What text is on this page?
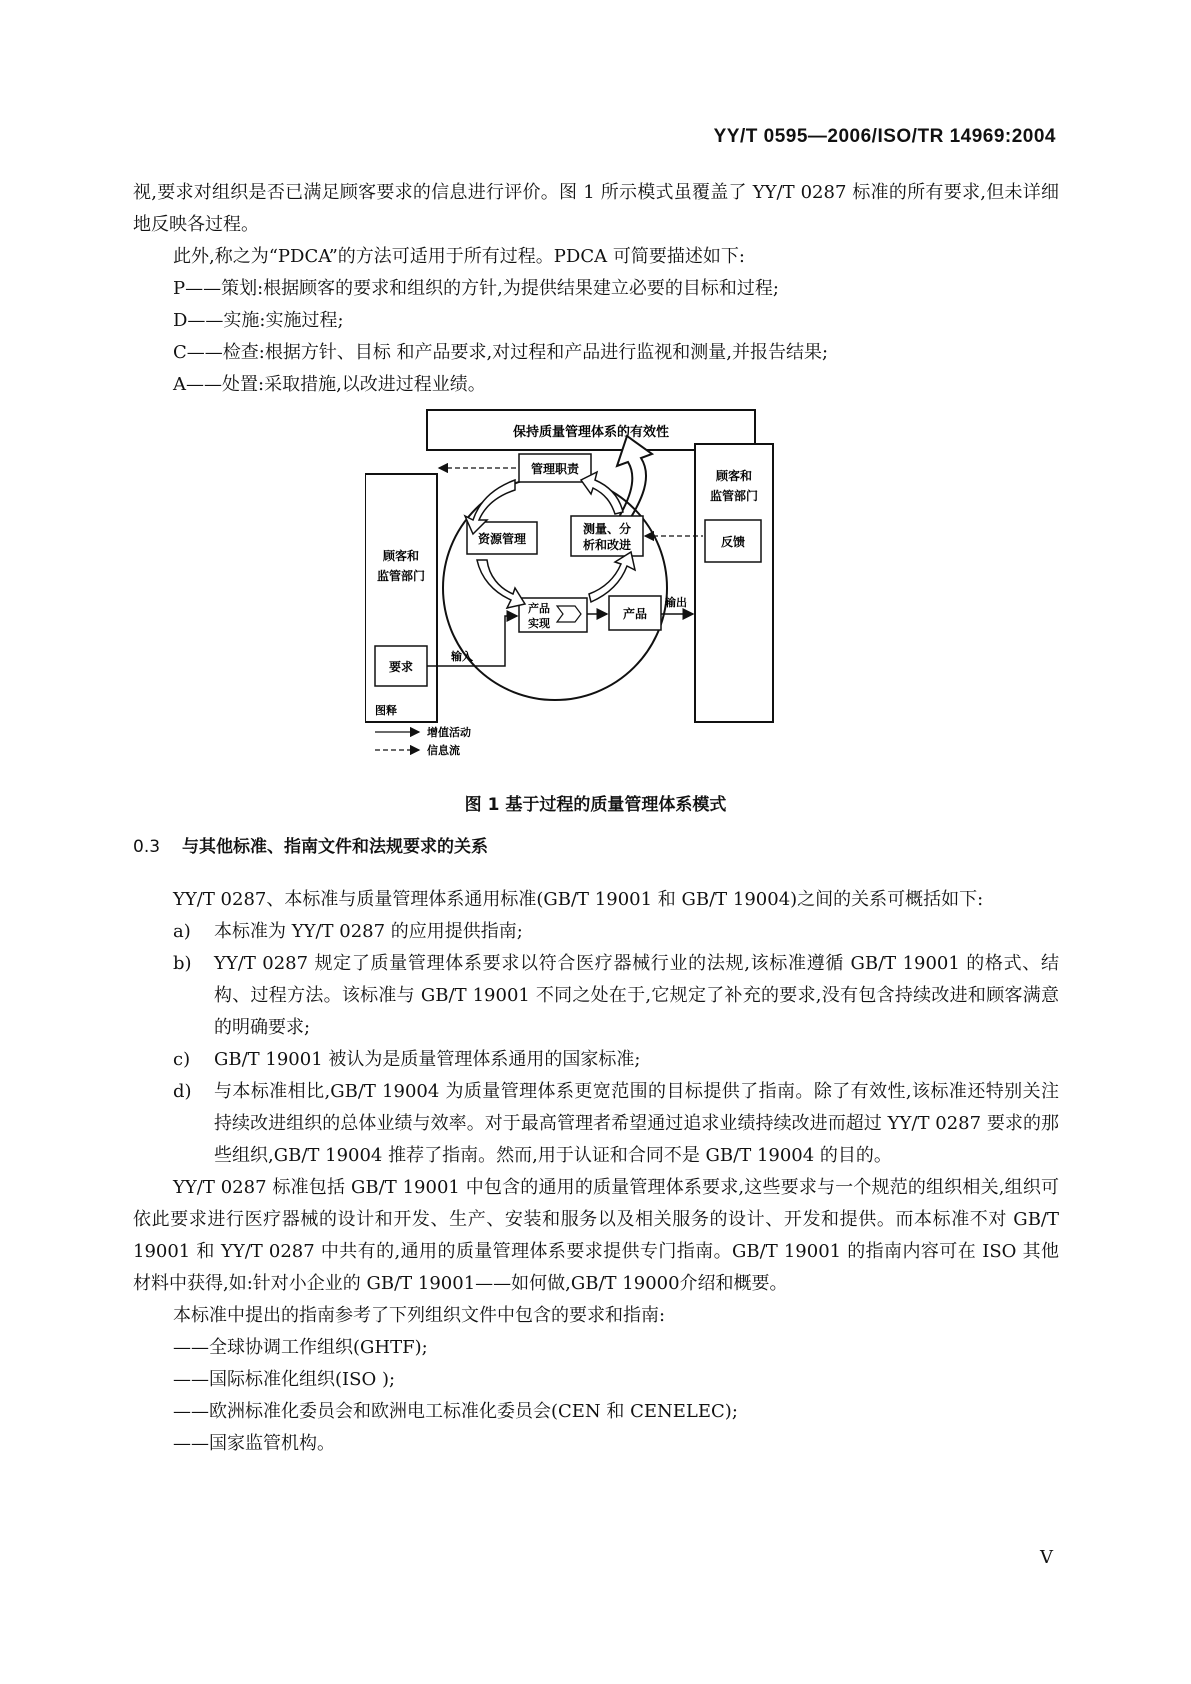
YY/T 0595—2006/ISO/TR 14969:2004

视,要求对组织是否已满足顾客要求的信息进行评价。图 1 所示模式虽覆盖了 YY/T 0287 标准的所有要求,但未详细地反映各过程。

此外,称之为“PDCA”的方法可适用于所有过程。PDCA 可简要描述如下:

P——策划:根据顾客的要求和组织的方针,为提供结果建立必要的目标和过程;

D——实施:实施过程;

C——检查:根据方针、目标 和产品要求,对过程和产品进行监视和测量,并报告结果;

A——处置:采取措施,以改进过程业绩。

保持质量管理体系的有效性
顾客和
监管部门
要求
顾客和
监管部门
反馈
管理职责
资源管理
测量、分
析和改进
产品
实现
产品
输入
输出
图释
增值活动
信息流
图 1 基于过程的质量管理体系模式
0.3 与其他标准、指南文件和法规要求的关系

YY/T 0287、本标准与质量管理体系通用标准(GB/T 19001 和 GB/T 19004)之间的关系可概括如下:

a)	本标准为 YY/T 0287 的应用提供指南;
b)	YY/T 0287 规定了质量管理体系要求以符合医疗器械行业的法规,该标准遵循 GB/T 19001 的格式、结构、过程方法。该标准与 GB/T 19001 不同之处在于,它规定了补充的要求,没有包含持续改进和顾客满意的明确要求;
c)	GB/T 19001 被认为是质量管理体系通用的国家标准;
d)	与本标准相比,GB/T 19004 为质量管理体系更宽范围的目标提供了指南。除了有效性,该标准还特别关注持续改进组织的总体业绩与效率。对于最高管理者希望通过追求业绩持续改进而超过 YY/T 0287 要求的那些组织,GB/T 19004 推荐了指南。然而,用于认证和合同不是 GB/T 19004 的目的。

YY/T 0287 标准包括 GB/T 19001 中包含的通用的质量管理体系要求,这些要求与一个规范的组织相关,组织可依此要求进行医疗器械的设计和开发、生产、安装和服务以及相关服务的设计、开发和提供。而本标准不对 GB/T 19001 和 YY/T 0287 中共有的,通用的质量管理体系要求提供专门指南。GB/T 19001 的指南内容可在 ISO 其他材料中获得,如:针对小企业的 GB/T 19001——如何做,GB/T 19000介绍和概要。

本标准中提出的指南参考了下列组织文件中包含的要求和指南:

——全球协调工作组织(GHTF);

——国际标准化组织(ISO );

——欧洲标准化委员会和欧洲电工标准化委员会(CEN 和 CENELEC);

——国家监管机构。

V
